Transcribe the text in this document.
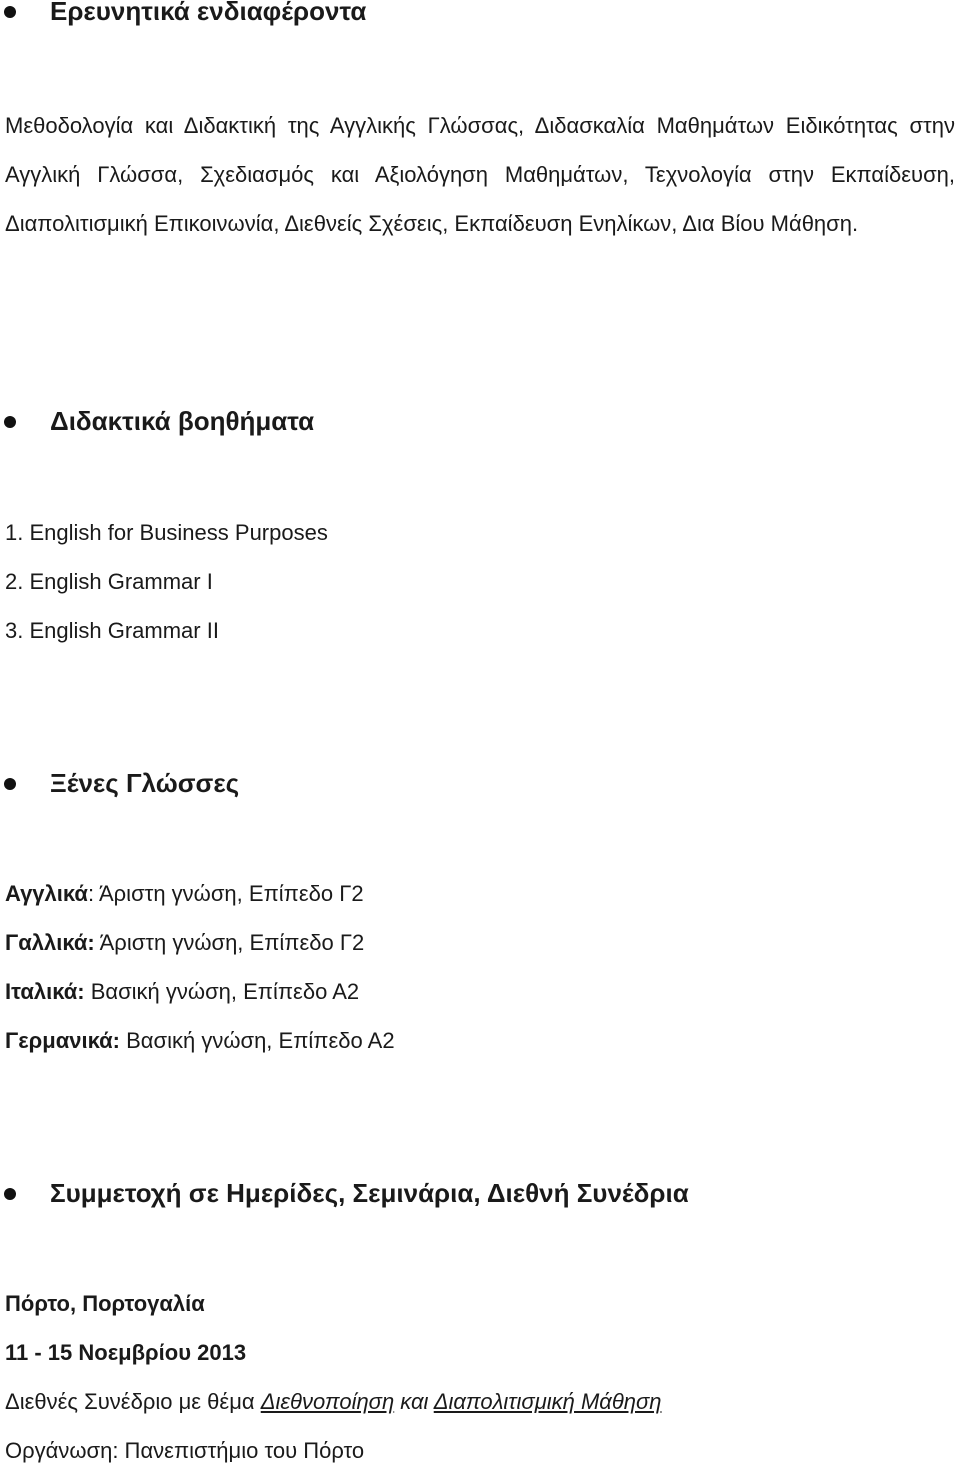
Ερευνητικά ενδιαφέροντα
Μεθοδολογία και Διδακτική της Αγγλικής Γλώσσας, Διδασκαλία Μαθημάτων Ειδικότητας στην Αγγλική Γλώσσα, Σχεδιασμός και Αξιολόγηση Μαθημάτων, Τεχνολογία στην Εκπαίδευση, Διαπολιτισμική Επικοινωνία, Διεθνείς Σχέσεις, Εκπαίδευση Ενηλίκων, Δια Βίου Μάθηση.
Διδακτικά βοηθήματα
1. English for Business Purposes
2. English Grammar I
3. English Grammar II
Ξένες Γλώσσες
Αγγλικά: Άριστη γνώση, Επίπεδο Γ2
Γαλλικά: Άριστη γνώση, Επίπεδο Γ2
Ιταλικά: Βασική γνώση, Επίπεδο Α2
Γερμανικά: Βασική γνώση, Επίπεδο Α2
Συμμετοχή σε Ημερίδες, Σεμινάρια, Διεθνή Συνέδρια
Πόρτο, Πορτογαλία
11 - 15 Νοεμβρίου 2013
Διεθνές Συνέδριο με θέμα Διεθνοποίηση και Διαπολιτισμική Μάθηση
Οργάνωση: Πανεπιστήμιο του Πόρτο
